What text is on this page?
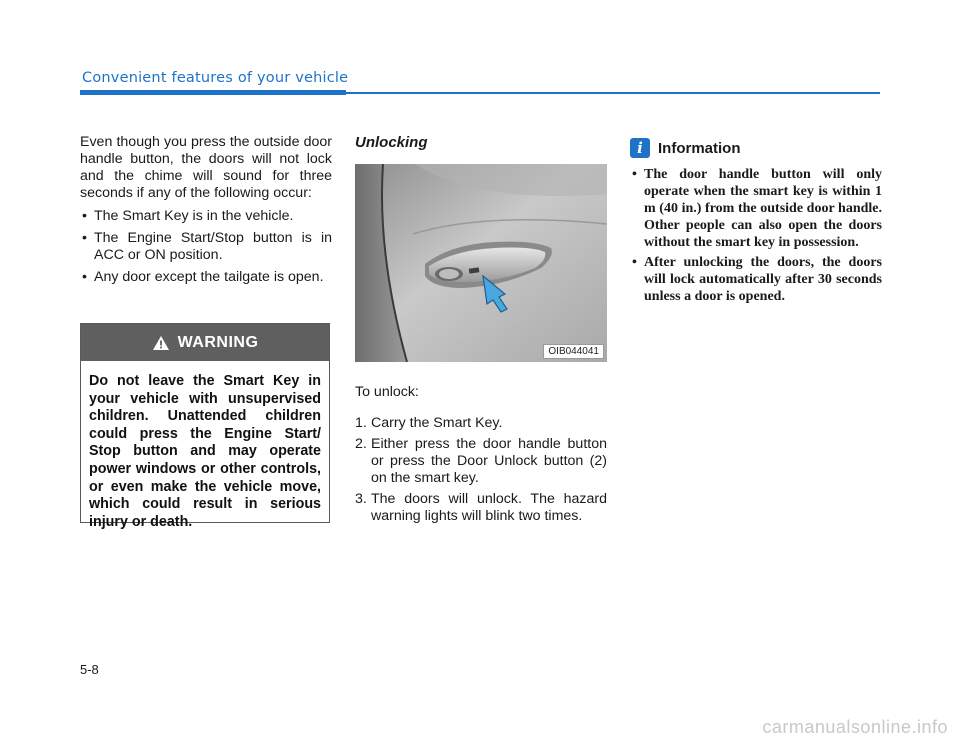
Convenient features of your vehicle

Even though you press the outside door handle button, the doors will not lock and the chime will sound for three seconds if any of the following occur:

• The Smart Key is in the vehicle.
• The Engine Start/Stop button is in ACC or ON position.
• Any door except the tailgate is open.
WARNING
Do not leave the Smart Key in your vehicle with unsupervised children. Unattended children could press the Engine Start/ Stop button and may operate power windows or other controls, or even make the vehicle move, which could result in serious injury or death.

Unlocking

OIB044041

To unlock:

1. Carry the Smart Key.
2. Either press the door handle button or press the Door Unlock button (2) on the smart key.
3. The doors will unlock. The hazard warning lights will blink two times.
i	Information
• The door handle button will only operate when the smart key is within 1 m (40 in.) from the outside door handle. Other people can also open the doors without the smart key in possession.
• After unlocking the doors, the doors will lock automatically after 30 seconds unless a door is opened.
5-8
carmanualsonline.info
